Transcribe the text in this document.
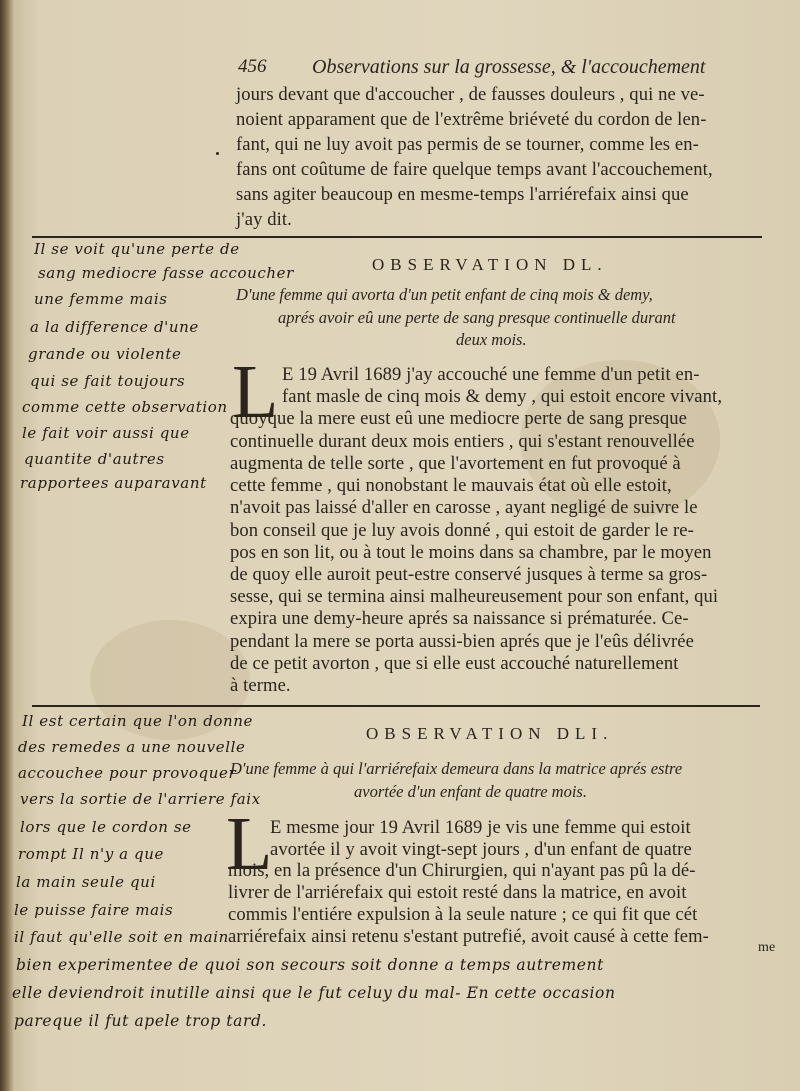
456 Observations sur la grossesse, & l'accouchement
jours devant que d'accoucher , de fausses douleurs , qui ne ve-
noient apparament que de l'extrême briéveté du cordon de len-
fant, qui ne luy avoit pas permis de se tourner, comme les en-
fans ont coûtume de faire quelque temps avant l'accouchement,
sans agiter beaucoup en mesme-temps l'arriérefaix ainsi que
j'ay dit.
OBSERVATION DL.
D'une femme qui avorta d'un petit enfant de cinq mois & demy,
aprés avoir eû une perte de sang presque continuelle durant
deux mois.
L E 19 Avril 1689 j'ay accouché une femme d'un petit en-
fant masle de cinq mois & demy , qui estoit encore vivant,
quoyque la mere eust eû une mediocre perte de sang presque
continuelle durant deux mois entiers , qui s'estant renouvellée
augmenta de telle sorte , que l'avortement en fut provoqué à
cette femme , qui nonobstant le mauvais état où elle estoit,
n'avoit pas laissé d'aller en carosse , ayant negligé de suivre le
bon conseil que je luy avois donné , qui estoit de garder le re-
pos en son lit, ou à tout le moins dans sa chambre, par le moyen
de quoy elle auroit peut-estre conservé jusques à terme sa gros-
sesse, qui se termina ainsi malheureusement pour son enfant, qui
expira une demy-heure aprés sa naissance si prématurée. Ce-
pendant la mere se porta aussi-bien aprés que je l'eûs délivrée
de ce petit avorton , que si elle eust accouché naturellement
à terme.
Il se voit qu'une perte de
sang mediocre fasse accoucher
une femme mais
a la difference d'une
grande ou violente
qui se fait toujours
comme cette observation
le fait voir aussi que
quantite d'autres
rapportees auparavant
OBSERVATION DLI.
D'une femme à qui l'arriérefaix demeura dans la matrice aprés estre
avortée d'un enfant de quatre mois.
L
E mesme jour 19 Avril 1689 je vis une femme qui estoit
avortée il y avoit vingt-sept jours , d'un enfant de quatre
mois, en la présence d'un Chirurgien, qui n'ayant pas pû la dé-
livrer de l'arriérefaix qui estoit resté dans la matrice, en avoit
commis l'entiére expulsion à la seule nature ; ce qui fit que cét
arriérefaix ainsi retenu s'estant putrefié, avoit causé à cette fem-
me
Il est certain que l'on donne
des remedes a une nouvelle
accouchee pour provoquer
vers la sortie de l'arriere faix
lors que le cordon se
rompt Il n'y a que
la main seule qui
le puisse faire mais
il faut qu'elle soit en main
bien experimentee de quoi son secours soit donne a temps autrement
elle deviendroit inutille ainsi que le fut celuy du mal- En cette occasion
pareque il fut apele trop tard.
